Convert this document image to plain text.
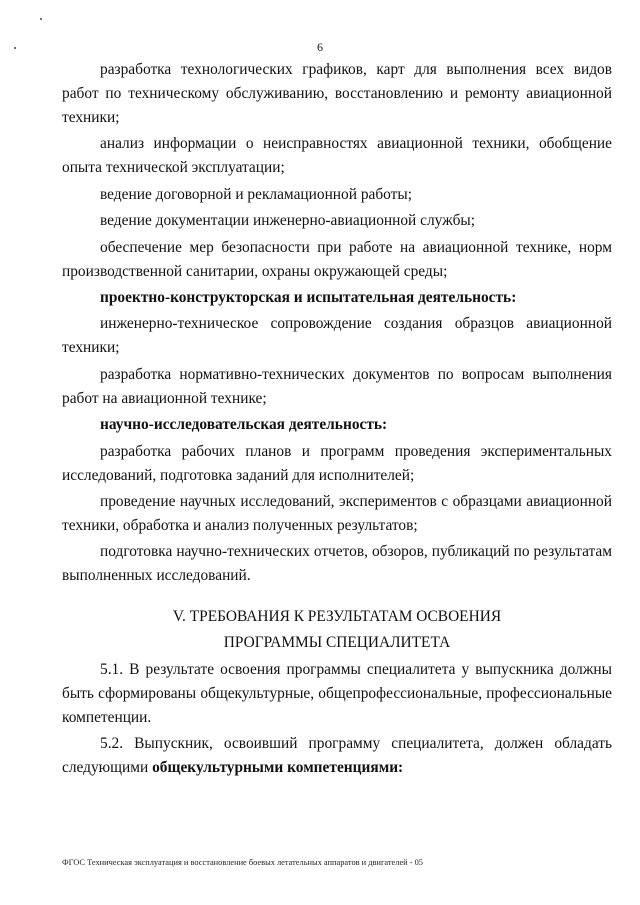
6

разработка технологических графиков, карт для выполнения всех видов работ по техническому обслуживанию, восстановлению и ремонту авиационной техники;

анализ информации о неисправностях авиационной техники, обобщение опыта технической эксплуатации;

ведение договорной и рекламационной работы;

ведение документации инженерно-авиационной службы;

обеспечение мер безопасности при работе на авиационной технике, норм производственной санитарии, охраны окружающей среды;

проектно-конструкторская и испытательная деятельность:

инженерно-техническое сопровождение создания образцов авиационной техники;

разработка нормативно-технических документов по вопросам выполнения работ на авиационной технике;

научно-исследовательская деятельность:

разработка рабочих планов и программ проведения экспериментальных исследований, подготовка заданий для исполнителей;

проведение научных исследований, экспериментов с образцами авиационной техники, обработка и анализ полученных результатов;

подготовка научно-технических отчетов, обзоров, публикаций по результатам выполненных исследований.

V. ТРЕБОВАНИЯ К РЕЗУЛЬТАТАМ ОСВОЕНИЯ
ПРОГРАММЫ СПЕЦИАЛИТЕТА

5.1. В результате освоения программы специалитета у выпускника должны быть сформированы общекультурные, общепрофессиональные, профессиональные компетенции.

5.2. Выпускник, освоивший программу специалитета, должен обладать следующими общекультурными компетенциями:

ФГОС Техническая эксплуатация и восстановление боевых летательных аппаратов и двигателей - 05
